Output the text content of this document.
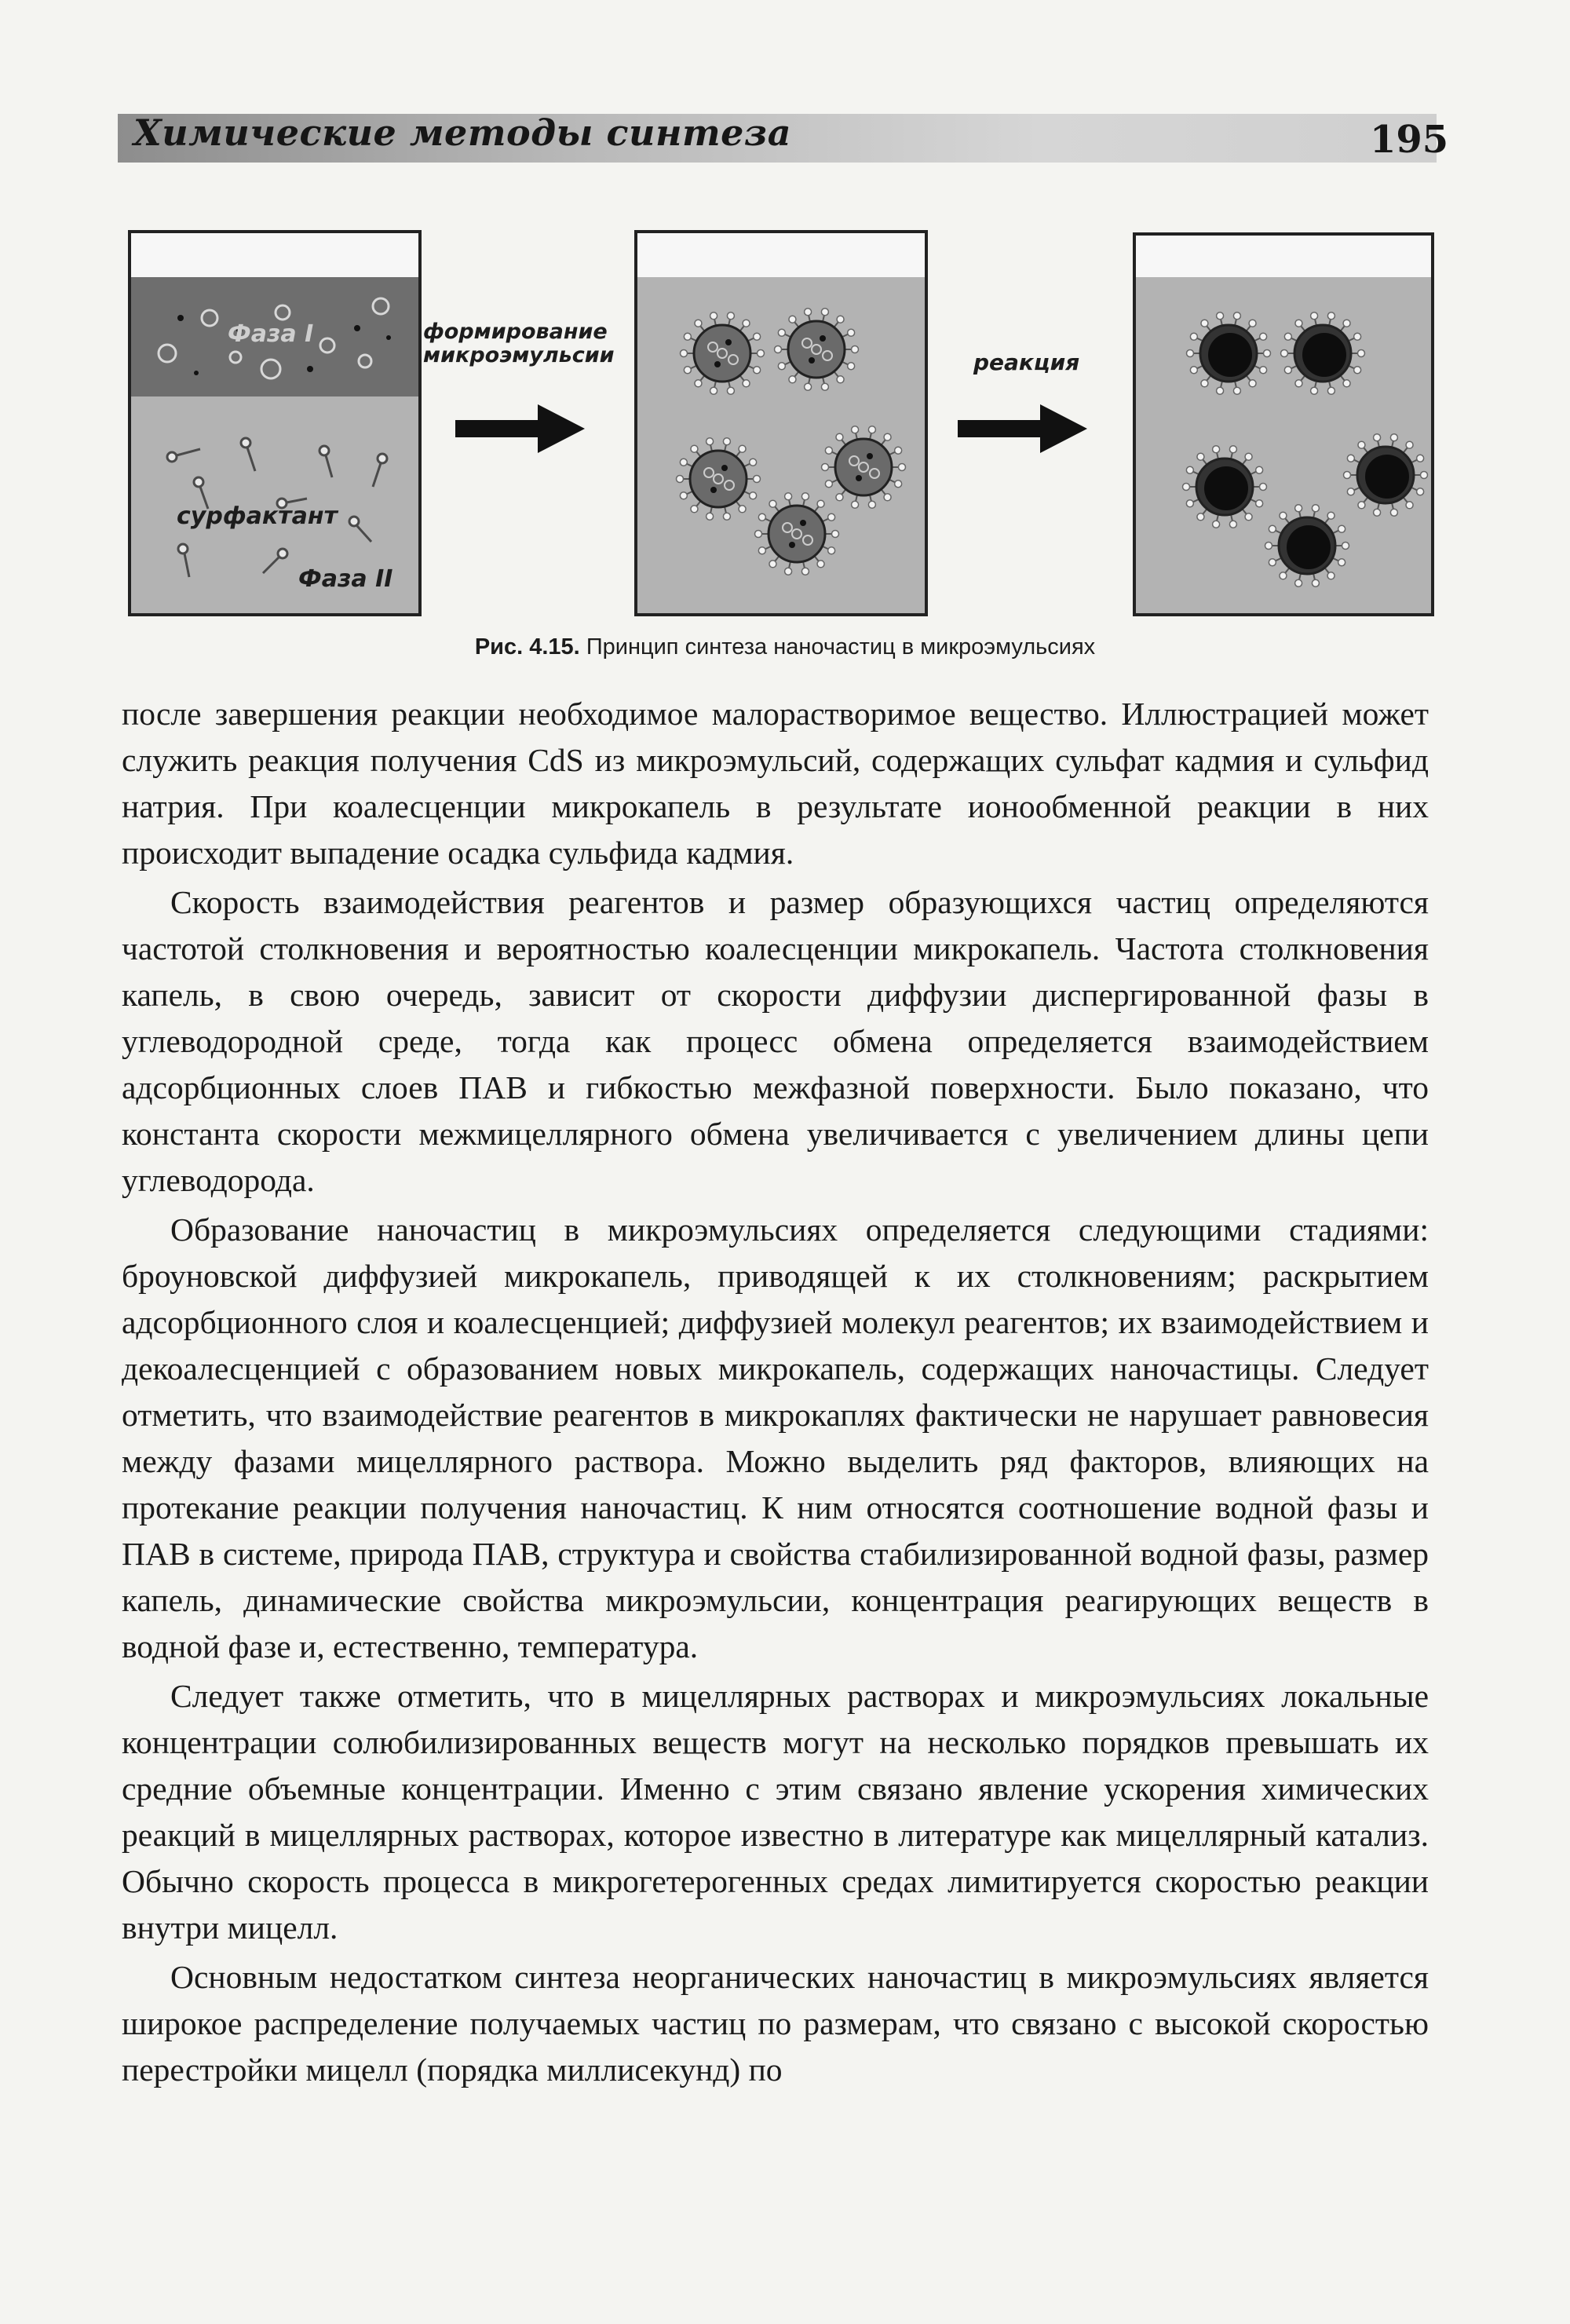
Химические методы синтеза	195
Фаза I
сурфактант
Фаза II
формирование
микроэмульсии	реакция
Рис. 4.15. Принцип синтеза наночастиц в микроэмульсиях

после завершения реакции необходимое малорастворимое вещество. Иллюстрацией может служить реакция получения CdS из микроэмульсий, содержащих сульфат кадмия и сульфид натрия. При коалесценции микрокапель в результате ионообменной реакции в них происходит выпадение осадка сульфида кадмия.

Скорость взаимодействия реагентов и размер образующихся частиц определяются частотой столкновения и вероятностью коалесценции микрокапель. Частота столкновения капель, в свою очередь, зависит от скорости диффузии диспергированной фазы в углеводородной среде, тогда как процесс обмена определяется взаимодействием адсорбционных слоев ПАВ и гибкостью межфазной поверхности. Было показано, что константа скорости межмицеллярного обмена увеличивается с увеличением длины цепи углеводорода.

Образование наночастиц в микроэмульсиях определяется следующими стадиями: броуновской диффузией микрокапель, приводящей к их столкновениям; раскрытием адсорбционного слоя и коалесценцией; диффузией молекул реагентов; их взаимодействием и декоалесценцией с образованием новых микрокапель, содержащих наночастицы. Следует отметить, что взаимодействие реагентов в микрокаплях фактически не нарушает равновесия между фазами мицеллярного раствора. Можно выделить ряд факторов, влияющих на протекание реакции получения наночастиц. К ним относятся соотношение водной фазы и ПАВ в системе, природа ПАВ, структура и свойства стабилизированной водной фазы, размер капель, динамические свойства микроэмульсии, концентрация реагирующих веществ в водной фазе и, естественно, температура.

Следует также отметить, что в мицеллярных растворах и микроэмульсиях локальные концентрации солюбилизированных веществ могут на несколько порядков превышать их средние объемные концентрации. Именно с этим связано явление ускорения химических реакций в мицеллярных растворах, которое известно в литературе как мицеллярный катализ. Обычно скорость процесса в микрогетерогенных средах лимитируется скоростью реакции внутри мицелл.

Основным недостатком синтеза неорганических наночастиц в микроэмульсиях является широкое распределение получаемых частиц по размерам, что связано с высокой скоростью перестройки мицелл (порядка миллисекунд) по
